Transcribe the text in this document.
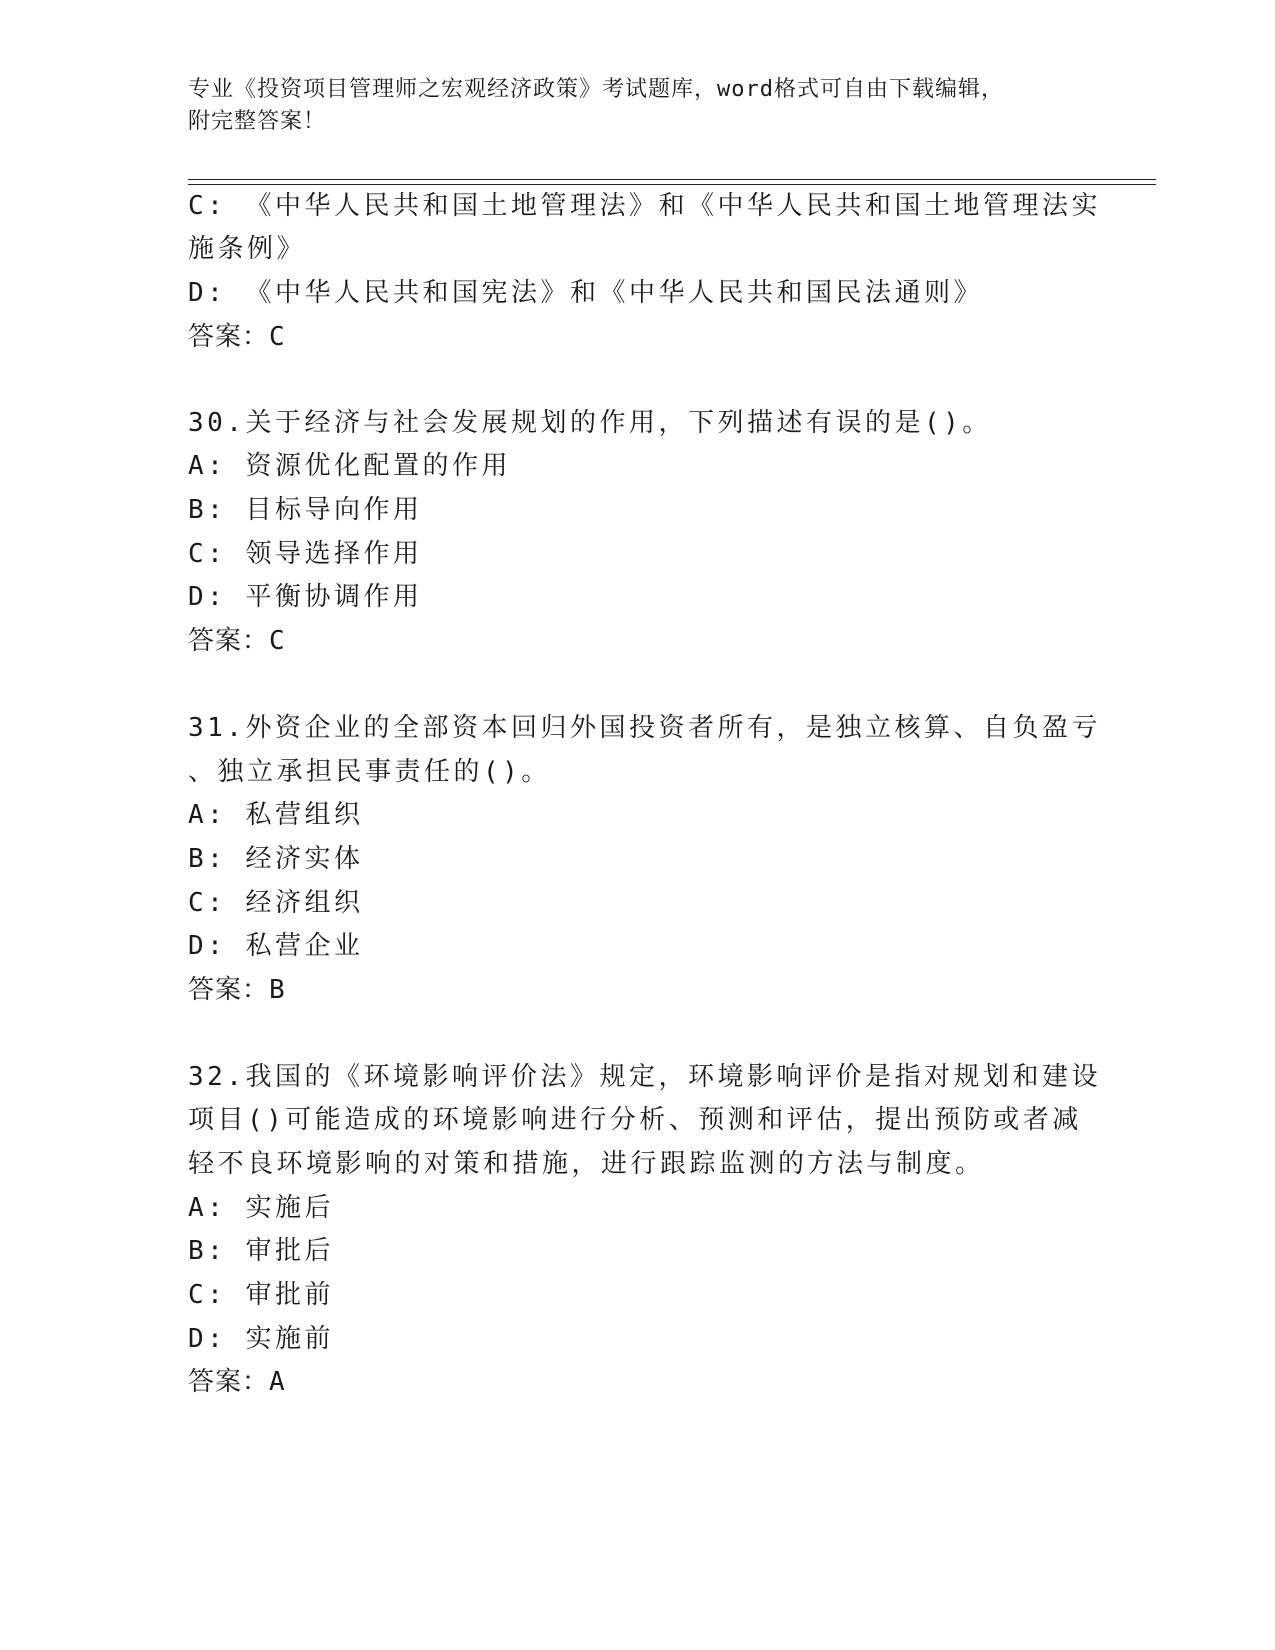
专业《投资项目管理师之宏观经济政策》考试题库，word格式可自由下载编辑，
附完整答案！
C: 《中华人民共和国土地管理法》和《中华人民共和国土地管理法实
施条例》
D: 《中华人民共和国宪法》和《中华人民共和国民法通则》
答案：C
30.关于经济与社会发展规划的作用，下列描述有误的是()。
A: 资源优化配置的作用
B: 目标导向作用
C: 领导选择作用
D: 平衡协调作用
答案：C
31.外资企业的全部资本回归外国投资者所有，是独立核算、自负盈亏
、独立承担民事责任的()。
A: 私营组织
B: 经济实体
C: 经济组织
D: 私营企业
答案：B
32.我国的《环境影响评价法》规定，环境影响评价是指对规划和建设
项目()可能造成的环境影响进行分析、预测和评估，提出预防或者减
轻不良环境影响的对策和措施，进行跟踪监测的方法与制度。
A: 实施后
B: 审批后
C: 审批前
D: 实施前
答案：A
